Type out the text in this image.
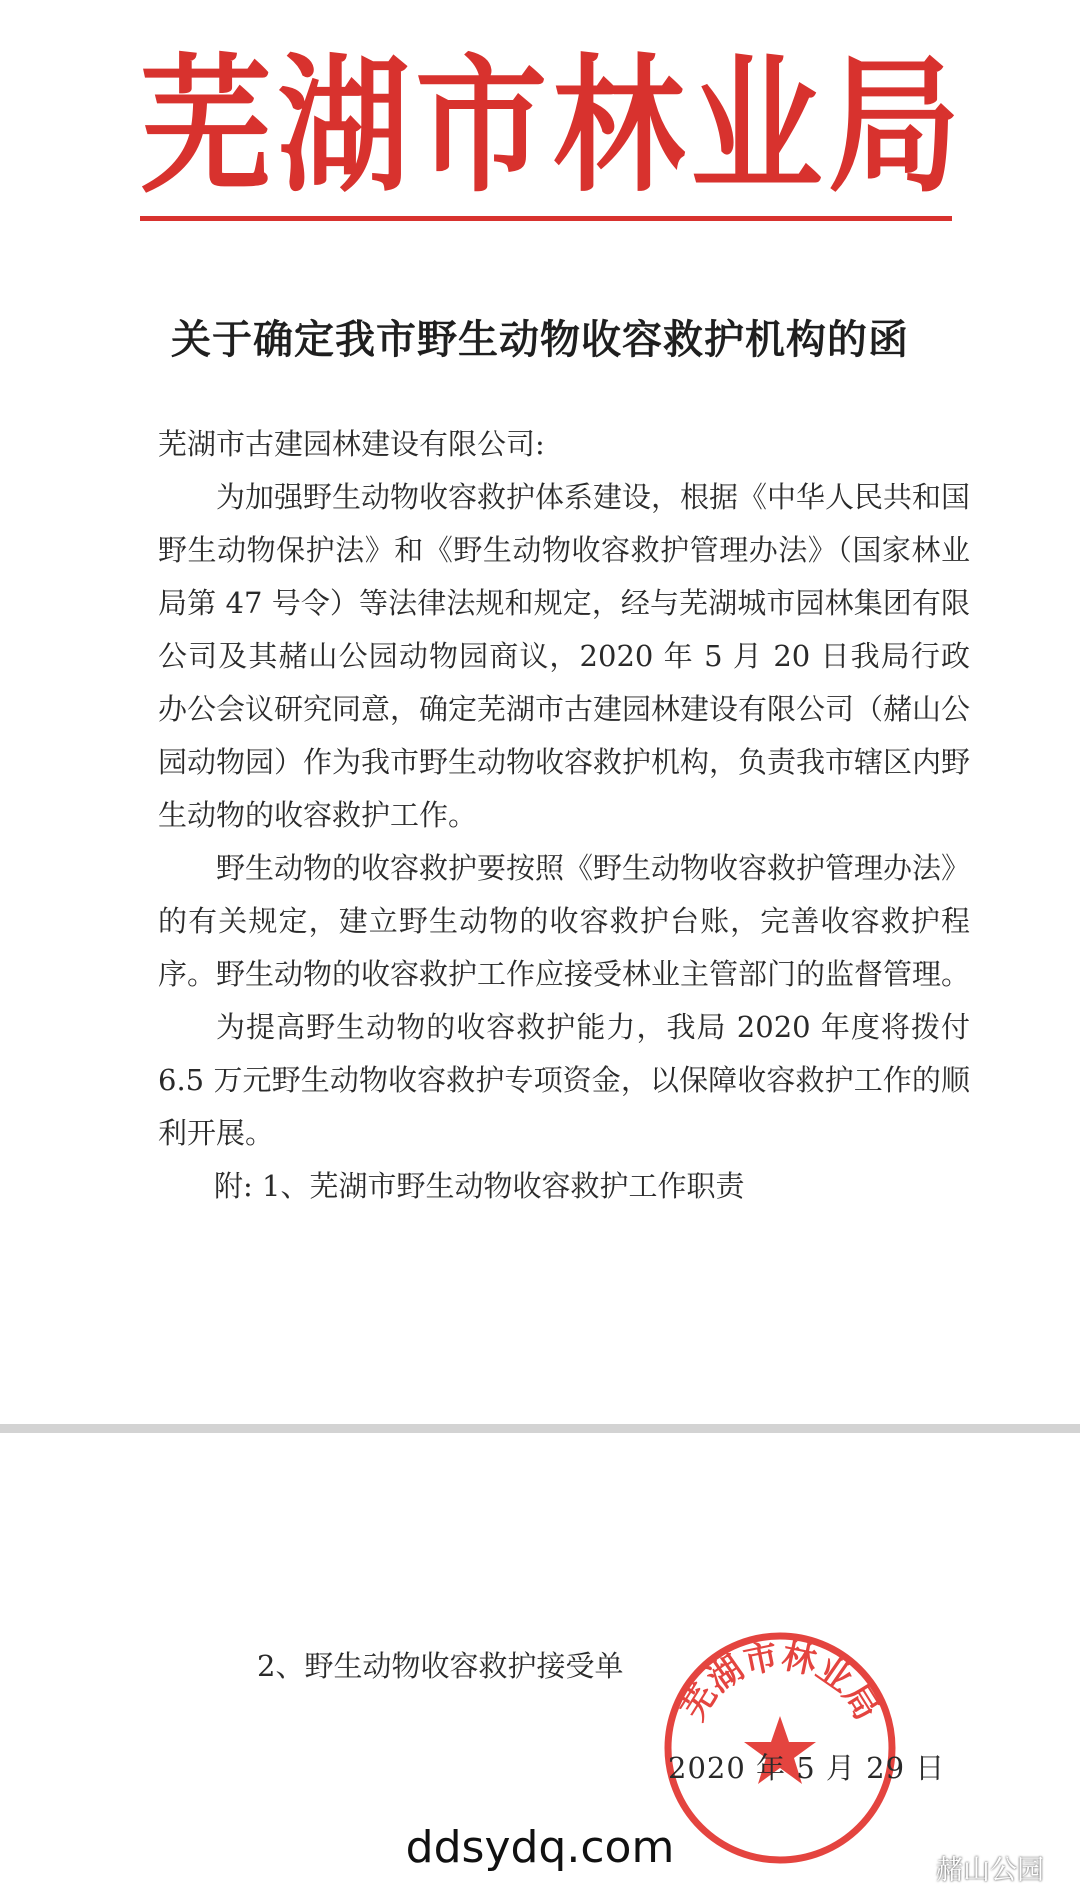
芜 湖 市 林 业 局
关于确定我市野生动物收容救护机构的函
芜湖市古建园林建设有限公司:
为加强野生动物收容救护体系建设，根据《中华人民共和国野生动物保护法》和《野生动物收容救护管理办法》（国家林业局第 47 号令）等法律法规和规定，经与芜湖城市园林集团有限公司及其赭山公园动物园商议，2020 年 5 月 20 日我局行政办公会议研究同意，确定芜湖市古建园林建设有限公司（赭山公园动物园）作为我市野生动物收容救护机构，负责我市辖区内野生动物的收容救护工作。
野生动物的收容救护要按照《野生动物收容救护管理办法》的有关规定，建立野生动物的收容救护台账，完善收容救护程序。野生动物的收容救护工作应接受林业主管部门的监督管理。
为提高野生动物的收容救护能力，我局 2020 年度将拨付 6.5 万元野生动物收容救护专项资金，以保障收容救护工作的顺利开展。
附: 1、芜湖市野生动物收容救护工作职责
2、野生动物收容救护接受单
芜湖市林业局
2020 年 5 月 29 日
ddsydq.com	赭山公园
